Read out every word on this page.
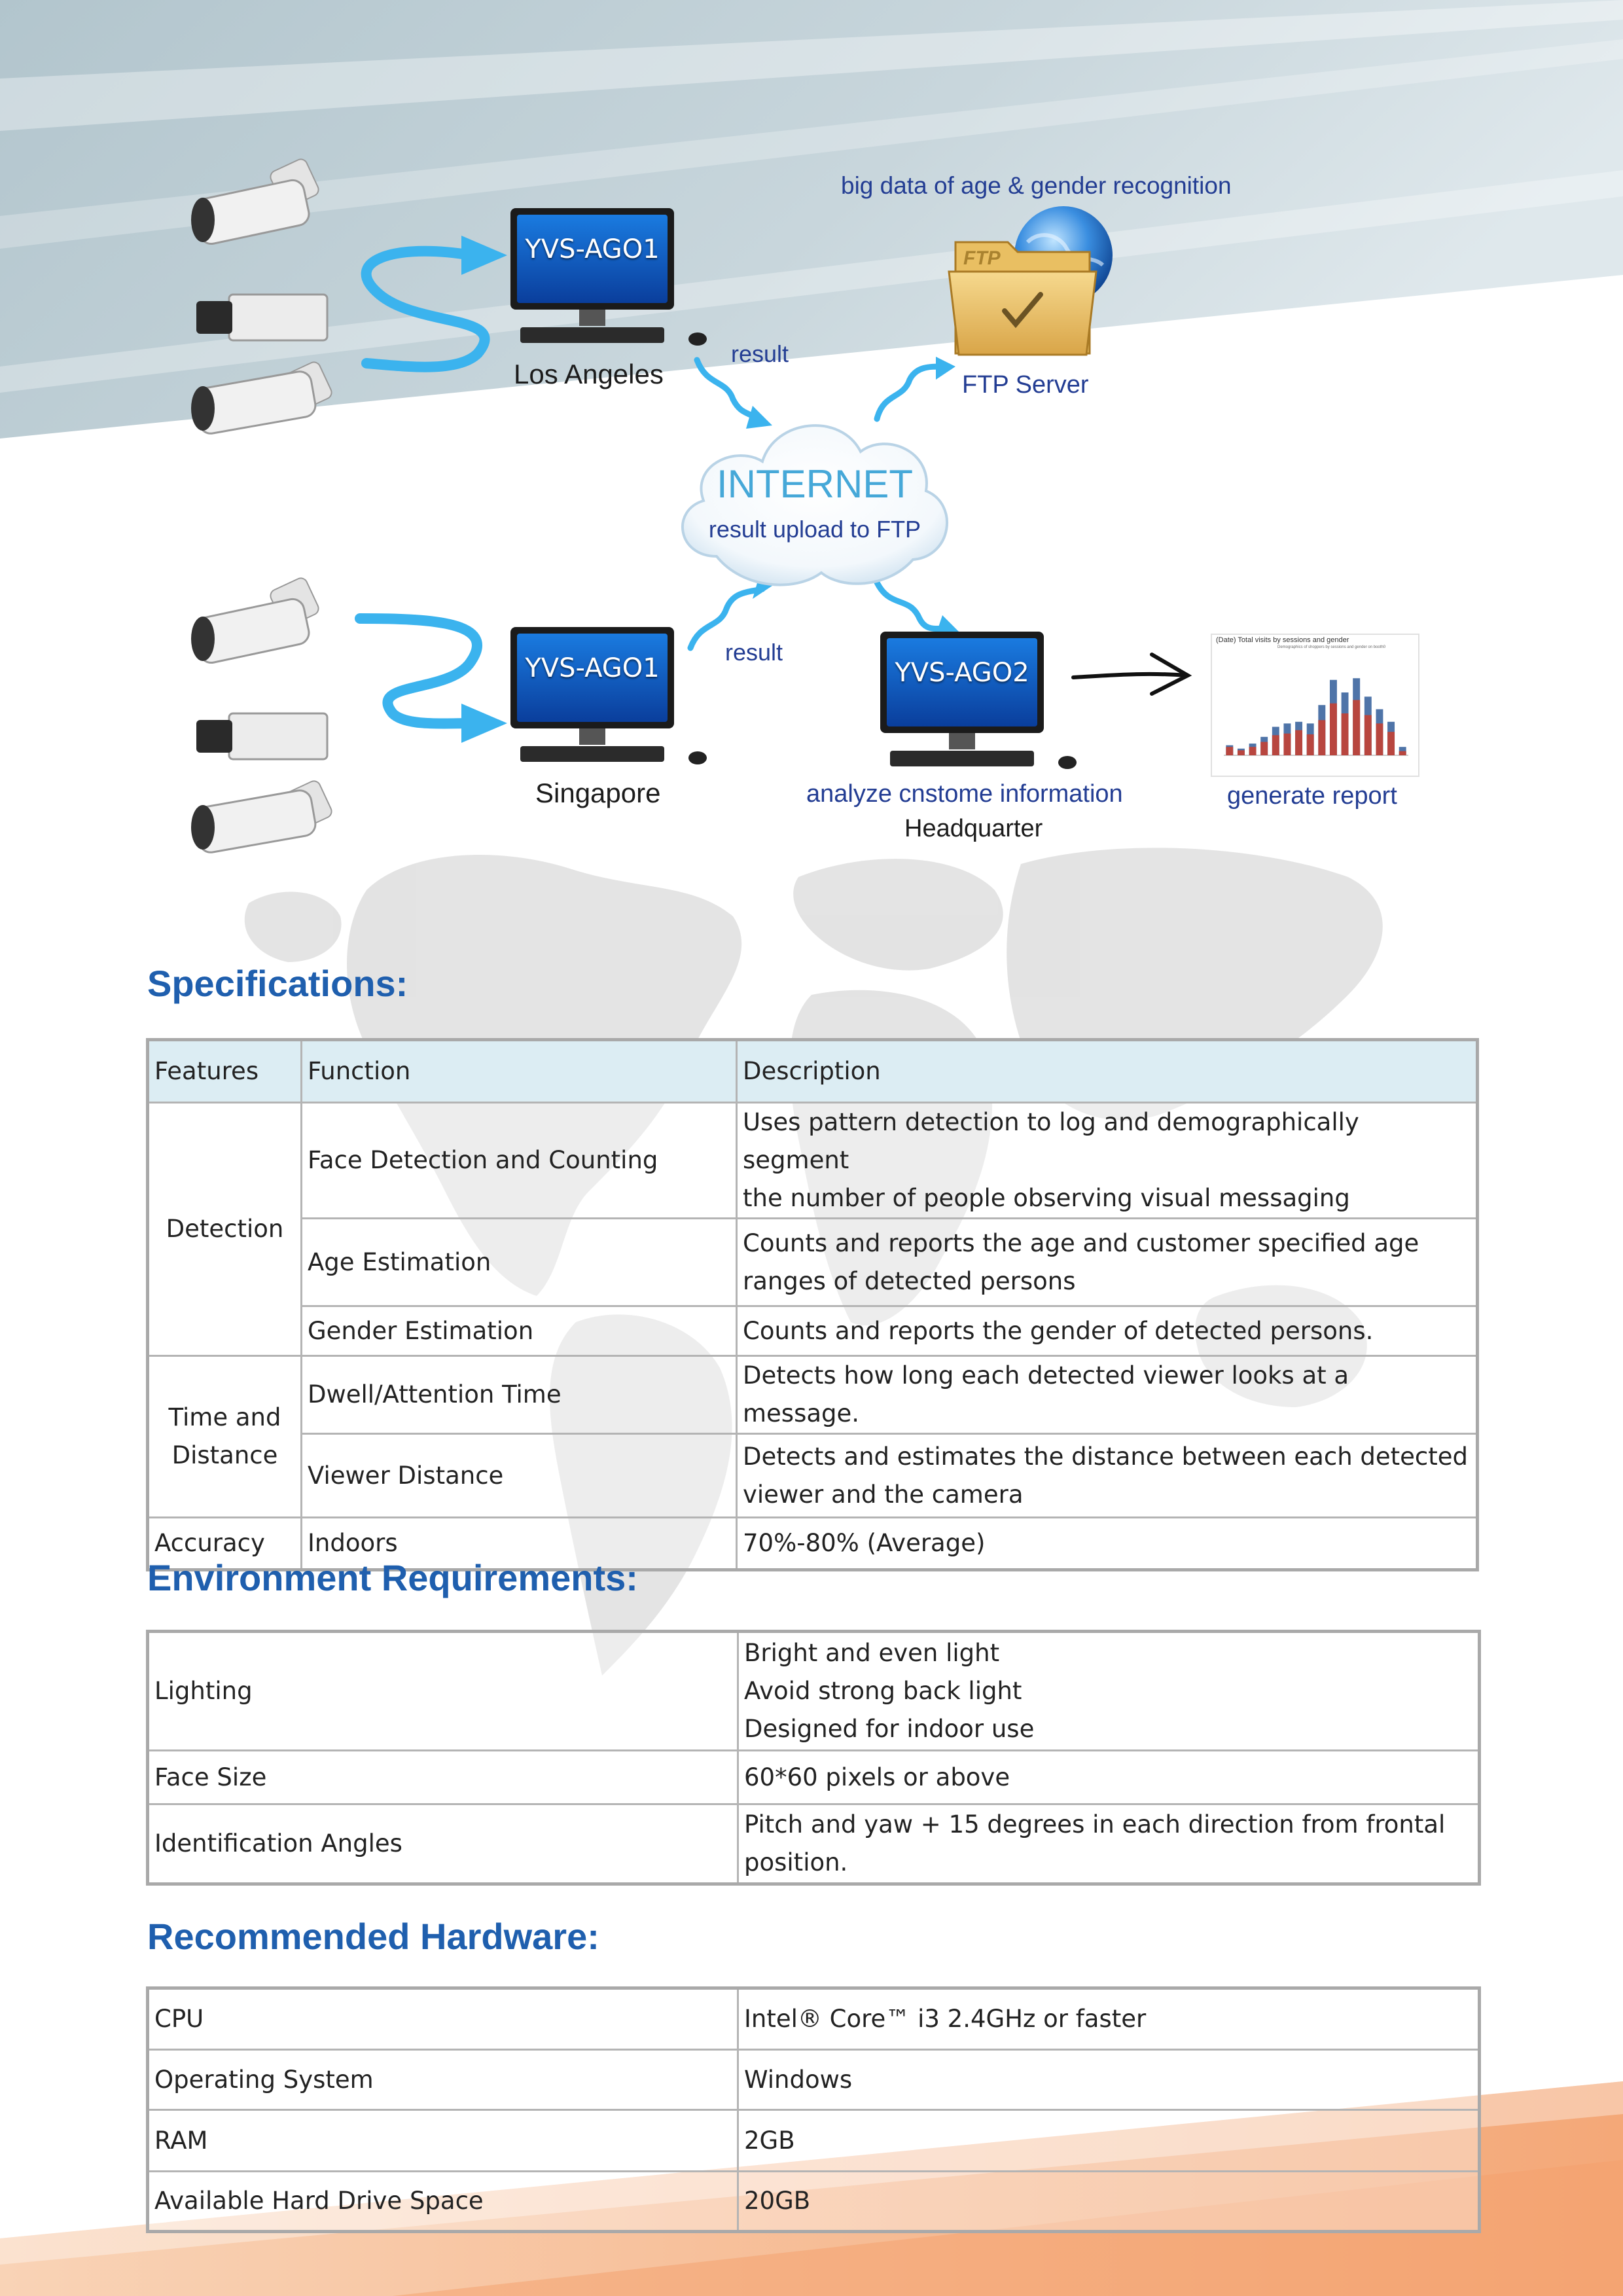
YVS-AGO1
Los Angeles
YVS-AGO1
Singapore
YVS-AGO2
analyze cnstome information
Headquarter
big data of age & gender recognition
result
result
FTP Server
generate report
FTP
INTERNET
result upload to FTP
(Date) Total visits by sessions and gender
Demographics of shoppers by sessions and gender on booth0
Specifications:
Features	Function	Description
Detection	Face Detection and Counting	Uses pattern detection to log and demographically segment
the number of people observing visual messaging
	Age Estimation	Counts and reports the age and customer specified age
ranges of detected persons
	Gender Estimation	Counts and reports the gender of detected persons.
Time and
Distance	Dwell/Attention Time	Detects how long each detected viewer looks at a message.
	Viewer Distance	Detects and estimates the distance between each detected
viewer and the camera
Accuracy	Indoors	70%-80% (Average)
Environment Requirements:
Lighting	Bright and even light
Avoid strong back light
Designed for indoor use
Face Size	60*60 pixels or above
Identification Angles	Pitch and yaw + 15 degrees in each direction from frontal
position.
Recommended Hardware:
CPU	Intel® Core™ i3 2.4GHz or faster
Operating System	Windows
RAM	2GB
Available Hard Drive Space	20GB
